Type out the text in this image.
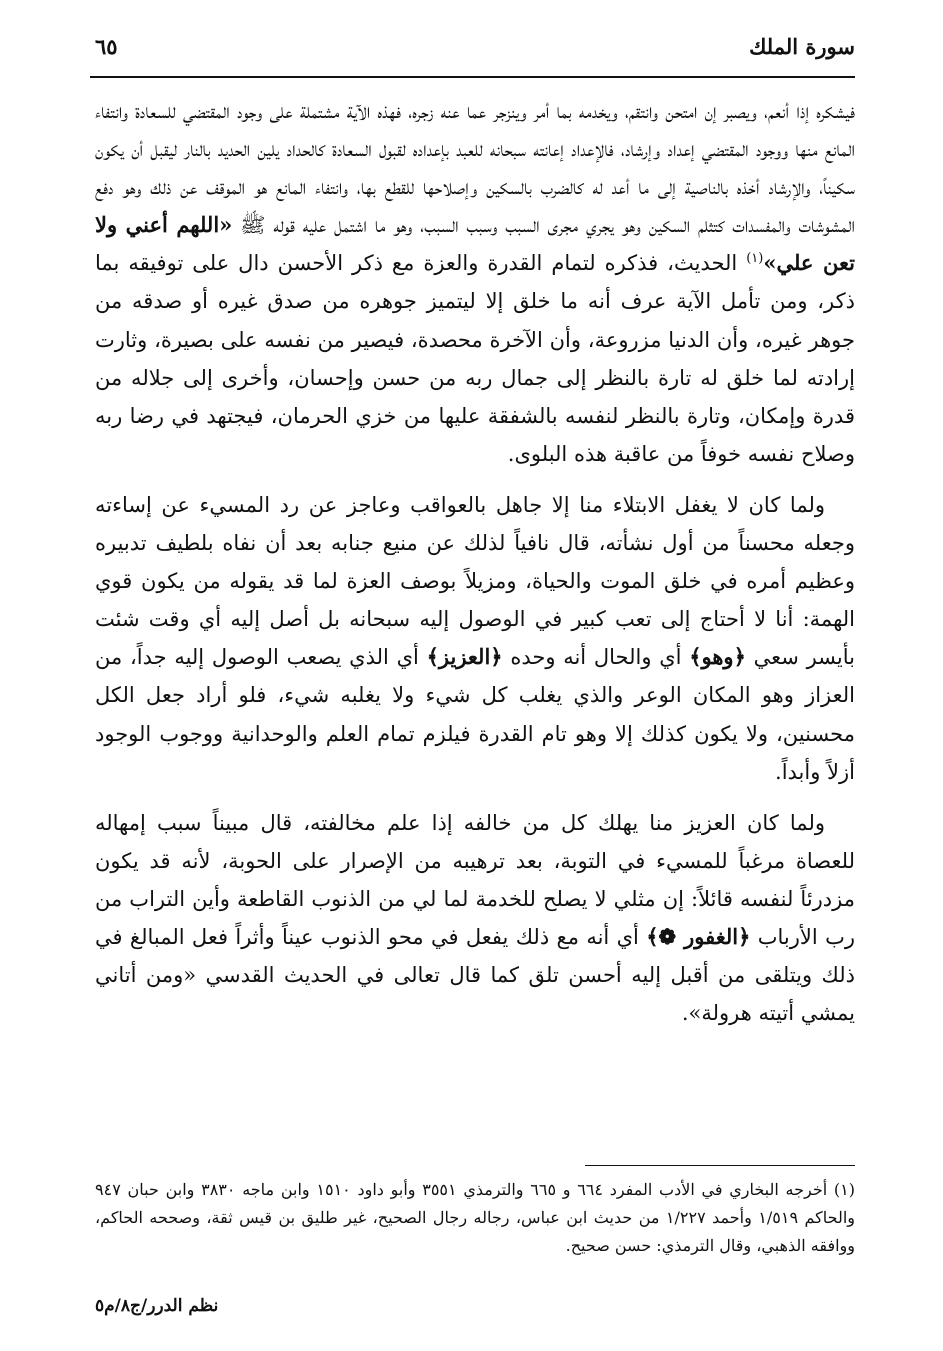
سورة الملك
٦٥

فيشكره إذا أنعم، ويصبر إن امتحن وانتقم، ويخدمه بما أمر وينزجر عما عنه زجره، فهذه الآية مشتملة على وجود المقتضي للسعادة وانتفاء المانع منها ووجود المقتضي إعداد وإرشاد، فالإعداد إعانته سبحانه للعبد بإعداده لقبول السعادة كالحداد يلين الحديد بالنار ليقبل أن يكون سكيناً، والإرشاد أخذه بالناصية إلى ما أعد له كالضرب بالسكين وإصلاحها للقطع بها، وانتفاء المانع هو الموقف عن ذلك وهو دفع المشوشات والمفسدات كتثلم السكين وهو يجري مجرى السبب وسبب السبب، وهو ما اشتمل عليه قوله ﷺ «اللهم أعني ولا تعن علي»$^{(١)}$ الحديث، فذكره لتمام القدرة والعزة مع ذكر الأحسن دال على توفيقه بما ذكر، ومن تأمل الآية عرف أنه ما خلق إلا ليتميز جوهره من صدق غيره أو صدقه من جوهر غيره، وأن الدنيا مزروعة، وأن الآخرة محصدة، فيصير من نفسه على بصيرة، وثارت إرادته لما خلق له تارة بالنظر إلى جمال ربه من حسن وإحسان، وأخرى إلى جلاله من قدرة وإمكان، وتارة بالنظر لنفسه بالشفقة عليها من خزي الحرمان، فيجتهد في رضا ربه وصلاح نفسه خوفاً من عاقبة هذه البلوى.

ولما كان لا يغفل الابتلاء منا إلا جاهل بالعواقب وعاجز عن رد المسيء عن إساءته وجعله محسناً من أول نشأته، قال نافياً لذلك عن منيع جنابه بعد أن نفاه بلطيف تدبيره وعظيم أمره في خلق الموت والحياة، ومزيلاً بوصف العزة لما قد يقوله من يكون قوي الهمة: أنا لا أحتاج إلى تعب كبير في الوصول إليه سبحانه بل أصل إليه أي وقت شئت بأيسر سعي ﴿وهو﴾ أي والحال أنه وحده ﴿العزيز﴾ أي الذي يصعب الوصول إليه جداً، من العزاز وهو المكان الوعر والذي يغلب كل شيء ولا يغلبه شيء، فلو أراد جعل الكل محسنين، ولا يكون كذلك إلا وهو تام القدرة فيلزم تمام العلم والوحدانية ووجوب الوجود أزلاً وأبداً.

ولما كان العزيز منا يهلك كل من خالفه إذا علم مخالفته، قال مبيناً سبب إمهاله للعصاة مرغباً للمسيء في التوبة، بعد ترهيبه من الإصرار على الحوبة، لأنه قد يكون مزدرئاً لنفسه قائلاً: إن مثلي لا يصلح للخدمة لما لي من الذنوب القاطعة وأين التراب من رب الأرباب ﴿الغفور ❁﴾ أي أنه مع ذلك يفعل في محو الذنوب عيناً وأثراً فعل المبالغ في ذلك ويتلقى من أقبل إليه أحسن تلق كما قال تعالى في الحديث القدسي «ومن أتاني يمشي أتيته هرولة».

(١) أخرجه البخاري في الأدب المفرد ٦٦٤ و ٦٦٥ والترمذي ٣٥٥١ وأبو داود ١٥١٠ وابن ماجه ٣٨٣٠ وابن حبان ٩٤٧ والحاكم ١/٥١٩ وأحمد ١/٢٢٧ من حديث ابن عباس، رجاله رجال الصحيح، غير طليق بن قيس ثقة، وصححه الحاكم، ووافقه الذهبي، وقال الترمذي: حسن صحيح.

نظم الدرر/ج٨/م٥
